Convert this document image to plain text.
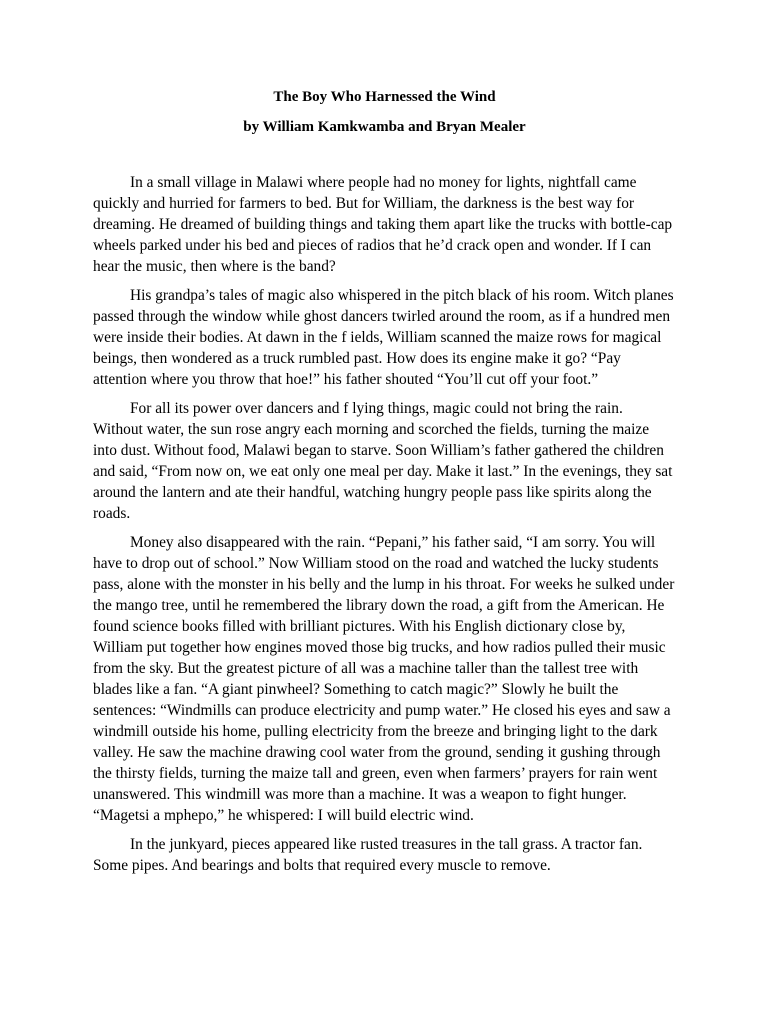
The Boy Who Harnessed the Wind
by William Kamkwamba and Bryan Mealer

In a small village in Malawi where people had no money for lights, nightfall came quickly and hurried for farmers to bed. But for William, the darkness is the best way for dreaming. He dreamed of building things and taking them apart like the trucks with bottle-cap wheels parked under his bed and pieces of radios that he’d crack open and wonder. If I can hear the music, then where is the band?

His grandpa’s tales of magic also whispered in the pitch black of his room. Witch planes passed through the window while ghost dancers twirled around the room, as if a hundred men were inside their bodies. At dawn in the f ields, William scanned the maize rows for magical beings, then wondered as a truck rumbled past. How does its engine make it go? “Pay attention where you throw that hoe!” his father shouted “You’ll cut off your foot.”

For all its power over dancers and f lying things, magic could not bring the rain. Without water, the sun rose angry each morning and scorched the fields, turning the maize into dust. Without food, Malawi began to starve. Soon William’s father gathered the children and said, “From now on, we eat only one meal per day. Make it last.” In the evenings, they sat around the lantern and ate their handful, watching hungry people pass like spirits along the roads.

Money also disappeared with the rain. “Pepani,” his father said, “I am sorry. You will have to drop out of school.” Now William stood on the road and watched the lucky students pass, alone with the monster in his belly and the lump in his throat. For weeks he sulked under the mango tree, until he remembered the library down the road, a gift from the American. He found science books filled with brilliant pictures. With his English dictionary close by, William put together how engines moved those big trucks, and how radios pulled their music from the sky. But the greatest picture of all was a machine taller than the tallest tree with blades like a fan. “A giant pinwheel? Something to catch magic?” Slowly he built the sentences: “Windmills can produce electricity and pump water.” He closed his eyes and saw a windmill outside his home, pulling electricity from the breeze and bringing light to the dark valley. He saw the machine drawing cool water from the ground, sending it gushing through the thirsty fields, turning the maize tall and green, even when farmers’ prayers for rain went unanswered. This windmill was more than a machine. It was a weapon to fight hunger. “Magetsi a mphepo,” he whispered: I will build electric wind.

In the junkyard, pieces appeared like rusted treasures in the tall grass. A tractor fan. Some pipes. And bearings and bolts that required every muscle to remove.
